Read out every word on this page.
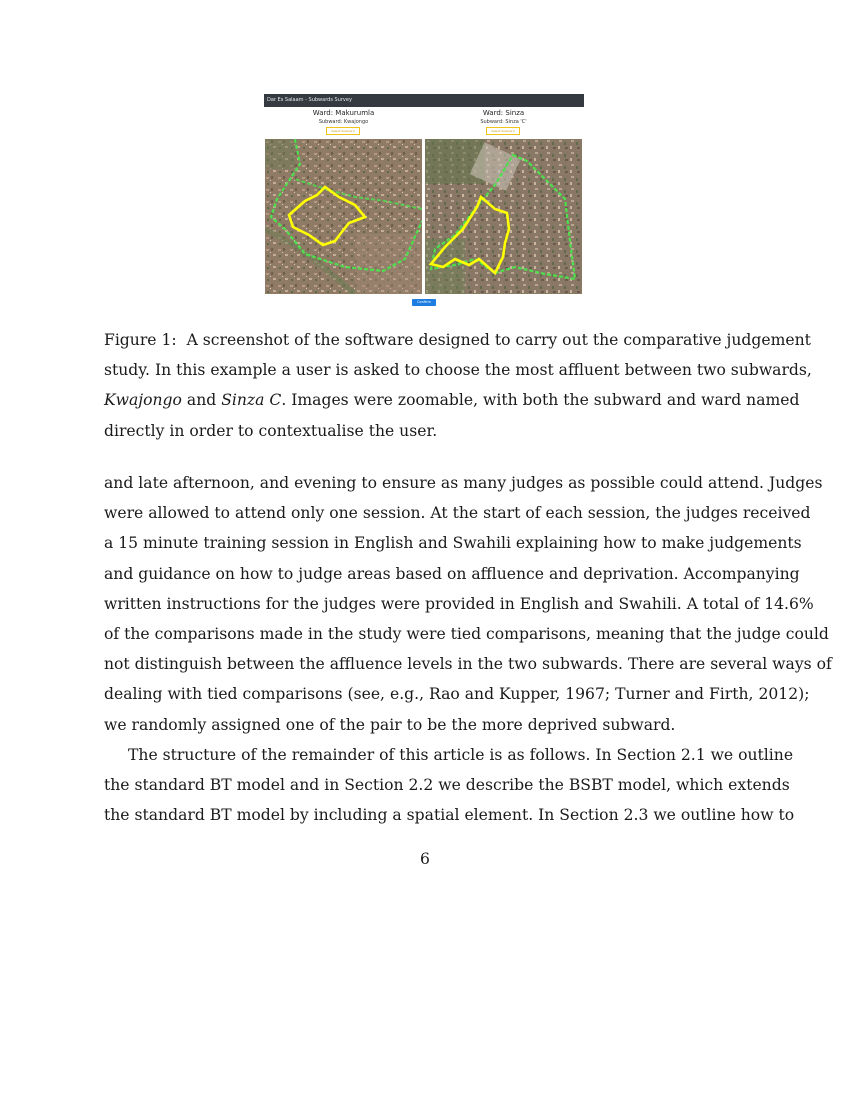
Dar Es Salaam - Subwards Survey
Ward: Makurumla
Subward: Kwajongo
Select Subward
Ward: Sinza
Subward: Sinza 'C'
Select Subward
Confirm
Figure 1: A screenshot of the software designed to carry out the comparative judgement
study. In this example a user is asked to choose the most affluent between two subwards,
Kwajongo and Sinza C. Images were zoomable, with both the subward and ward named
directly in order to contextualise the user.
and late afternoon, and evening to ensure as many judges as possible could attend. Judges
were allowed to attend only one session. At the start of each session, the judges received
a 15 minute training session in English and Swahili explaining how to make judgements
and guidance on how to judge areas based on affluence and deprivation. Accompanying
written instructions for the judges were provided in English and Swahili. A total of 14.6%
of the comparisons made in the study were tied comparisons, meaning that the judge could
not distinguish between the affluence levels in the two subwards. There are several ways of
dealing with tied comparisons (see, e.g., Rao and Kupper, 1967; Turner and Firth, 2012);
we randomly assigned one of the pair to be the more deprived subward.
The structure of the remainder of this article is as follows. In Section 2.1 we outline
the standard BT model and in Section 2.2 we describe the BSBT model, which extends
the standard BT model by including a spatial element. In Section 2.3 we outline how to
6
